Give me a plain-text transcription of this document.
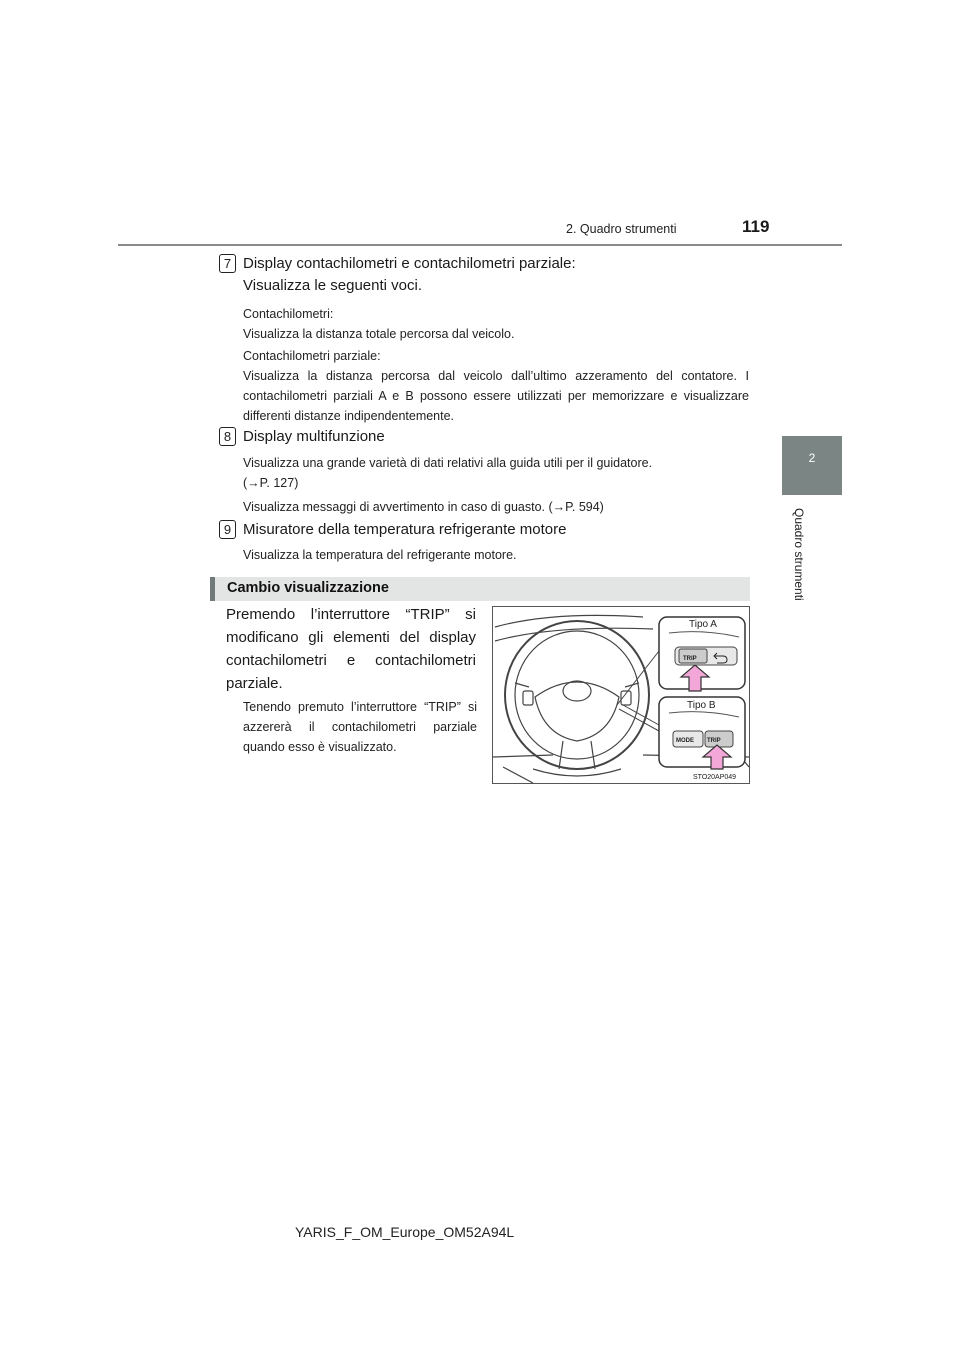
2. Quadro strumenti	119
2
Quadro strumenti
7 Display contachilometri e contachilometri parziale:
Visualizza le seguenti voci.
Contachilometri:
Visualizza la distanza totale percorsa dal veicolo.
Contachilometri parziale:
Visualizza la distanza percorsa dal veicolo dall’ultimo azzeramento del contatore. I contachilometri parziali A e B possono essere utilizzati per memorizzare e visualizzare differenti distanze indipendentemente.
8 Display multifunzione
Visualizza una grande varietà di dati relativi alla guida utili per il guidatore.
(→P. 127)
Visualizza messaggi di avvertimento in caso di guasto. (→P. 594)
9 Misuratore della temperatura refrigerante motore
Visualizza la temperatura del refrigerante motore.
Cambio visualizzazione
Premendo l’interruttore “TRIP” si modificano gli elementi del display contachilometri e contachilometri parziale.
Tenendo premuto l’interruttore “TRIP” si azzererà il contachilometri parziale quando esso è visualizzato.
Tipo A
TRIP
Tipo B
MODE TRIP
STO20AP049
YARIS_F_OM_Europe_OM52A94L
